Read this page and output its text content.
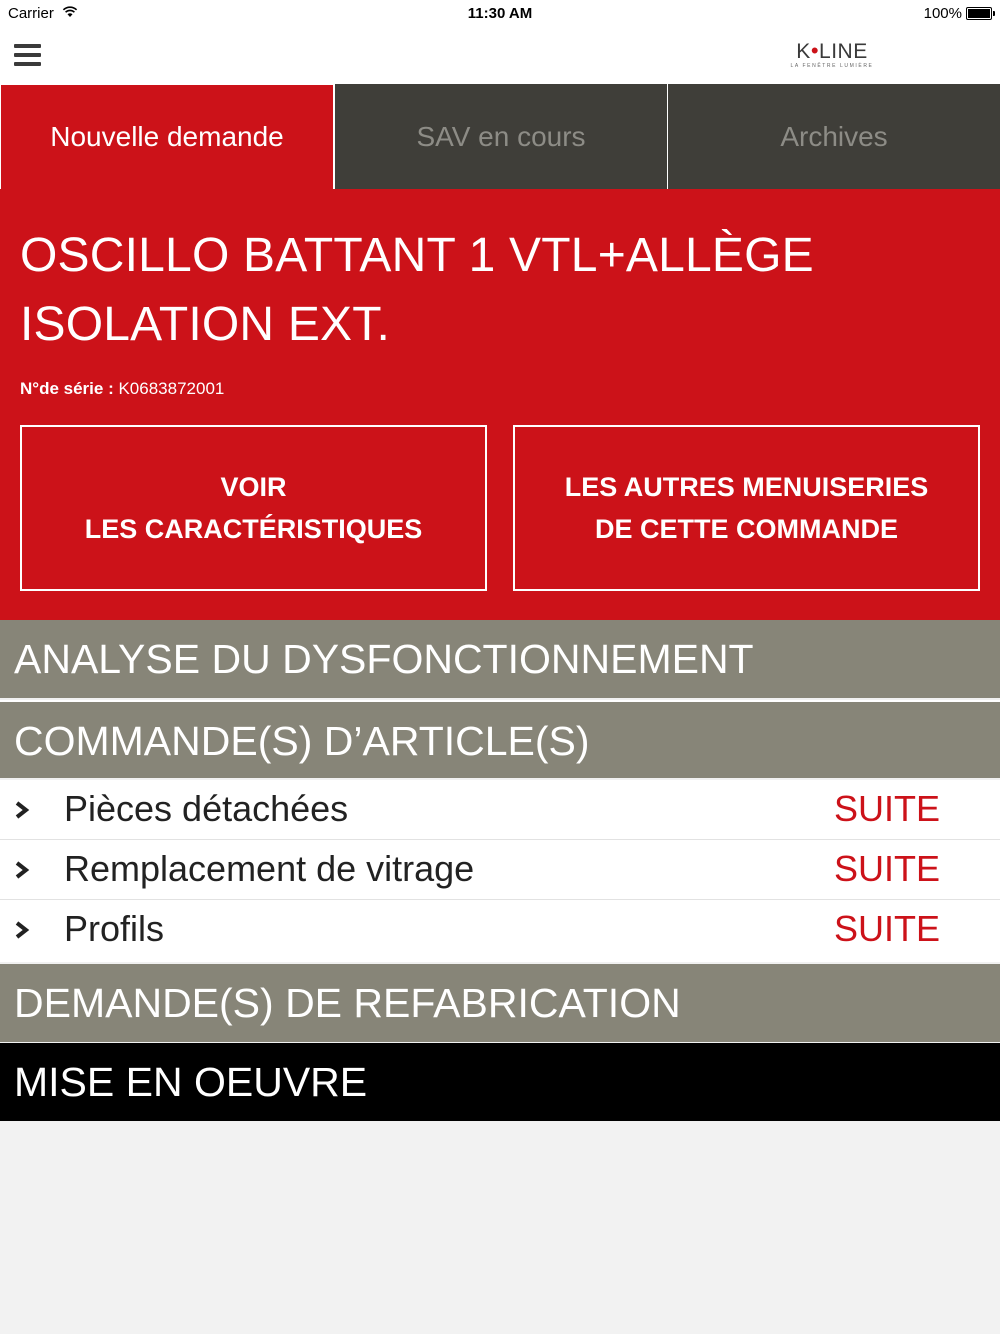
Carrier	11:30 AM	100%
K•LINE
LA FENÊTRE LUMIÈRE
Nouvelle demande	SAV en cours	Archives
OSCILLO BATTANT 1 VTL+ALLÈGE
ISOLATION EXT.
N°de série : K0683872001
VOIR
LES CARACTÉRISTIQUES
LES AUTRES MENUISERIES
DE CETTE COMMANDE
ANALYSE DU DYSFONCTIONNEMENT
COMMANDE(S) D’ARTICLE(S)
Pièces détachées	SUITE
Remplacement de vitrage	SUITE
Profils	SUITE
DEMANDE(S) DE REFABRICATION
MISE EN OEUVRE
